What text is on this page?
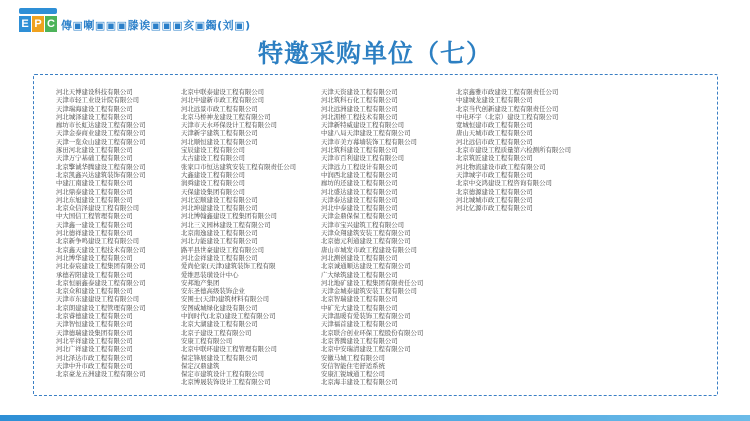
E P C 傳▣喇▣▣▣滕诶▣▣▣亥▣鐲(刘▣)
特邀采购单位（七）
河北天博建设科技有限公司
天津市轻工业设计院有限公司
天津瑞海建设工程有限公司
河北城泽建设工程有限公司
廊坊市长虹达建设工程有限公司
天津金泰商业建设工程有限公司
天津一览众山建设工程有限公司
涿田河北建设工程有限公司
天津万宁基础工程有限公司
北京擎诚华腾建设工程有限公司
北京凯鑫兴达建筑装饰有限公司
中建江南建设工程有限公司
河北鼎泰建设工程有限公司
河北东旭建设工程有限公司
北京众信泽建设工程有限公司
中大国信工程管理有限公司
天津鑫一建设工程有限公司
河北德祥建设工程有限公司
北京新争鸣建设工程有限公司
北京鑫天建设工程技术有限公司
河北博华建设工程有限公司
河北泰宸建设工程集团有限公司
承德若阳建设工程有限公司
北京恒丽鑫泰建设工程有限公司
北京众和建设工程有限公司
天津市东建建设工程有限公司
北京朗建建设工程管理有限公司
北京睿德建设工程有限公司
天津智恒建设工程有限公司
天津德瑞建设集团有限公司
河北平祥建设工程有限公司
河北广祥建设工程有限公司
河北泽达市政工程有限公司
天津中升市政工程有限公司
北京豪龙五洲建设工程有限公司
北京中联泰建设工程有限公司
河北中建新市政工程有限公司
河北远景市政工程有限公司
北京马桥神龙建设工程有限公司
天津市天水环保设计工程有限公司
天津新宇建筑工程有限公司
河北顺恒建设工程有限公司
宝辰建设工程有限公司
太古建设工程有限公司
张家口市恒达建筑安装工程有限责任公司
大鑫建设工程有限公司
润舜建设工程有限公司
天保建设集团有限公司
河北宏顺建设工程有限公司
河北坤建建设工程有限公司
河北博翰鑫建设工程集团有限公司
河北三义园林建设工程有限公司
北京南逸建设工程有限公司
河北力能建设工程有限公司
路平县世豪建设工程有限公司
河北金祥建设工程有限公司
爱尚伦家(天津)建筑装饰工程有限
爱维思装璜设计中心
安邦地产集团
安东圣德高级装饰企业
安围士(天津)建筑材料有限公司
安图威城绿化建设有限公司
中润时代(北京)建设工程有限公司
北京大湖建设工程有限公司
北京子建设工程有限公司
安康工程有限公司
北京中联环建设工程管理有限公司
保定锋展建设工程有限公司
保定汉鼎建筑
保定市建筑设计工程有限公司
北京博晟装饰设计工程有限公司
天津天资建设工程有限公司
河北筑科石化工程有限公司
河北远洲建设工程有限公司
河北湄桥工程技术有限公司
天津新特威建设工程有限公司
中建八局天津建设工程有限公司
天津市美方幕墙装饰工程有限公司
河北筑科建设工程有限公司
天津市百利建设工程有限公司
天津远力工程设计有限公司
中润西北建设工程有限公司
廊坊的还建设工程有限公司
河北盛达建设工程有限公司
天津泰达建设工程有限公司
河北中泰建设工程有限公司
天津金鼎保保工程有限公司
天津市宝兴建筑工程有限公司
天津众翔建筑安装工程有限公司
北京德元利通建设工程有限公司
唐山市城发市政工程建设有限公司
河北测创建设工程有限公司
北京诚通顺达建设工程有限公司
广大绿筑建设工程有限公司
河北地矿建设工程集团有限责任公司
天津金城泰建筑安装工程有限公司
北京智瑞建设工程有限公司
中矿光大建设工程有限公司
天津温暖有爱装饰工程有限公司
天津福首建设工程有限公司
北京联合创业环保工程股份有限公司
北京普腾建设工程有限公司
北京中安瑞清建设工程有限公司
安徽马城工程有限公司
安信智能住宅舒适系统
安康汇锐城通工程公司
北京海丰建设工程有限公司
北京鑫雅市政建设工程有限责任公司
中建城龙建设工程有限公司
北京当代创新建设工程有限责任公司
中电环宇（北京）建设工程有限公司
宽城恒建市政工程有限公司
唐山天城市政工程有限公司
河北远信市政工程有限公司
北京市建设工程质量第六检测所有限公司
北京筑匠建设工程有限公司
河北物流建设市政工程有限公司
天津城宇市政工程有限公司
北京中交鸿建设工程咨询有限公司
北京德源建设工程有限公司
河北城城市政工程有限公司
河北亿源市政工程有限公司
